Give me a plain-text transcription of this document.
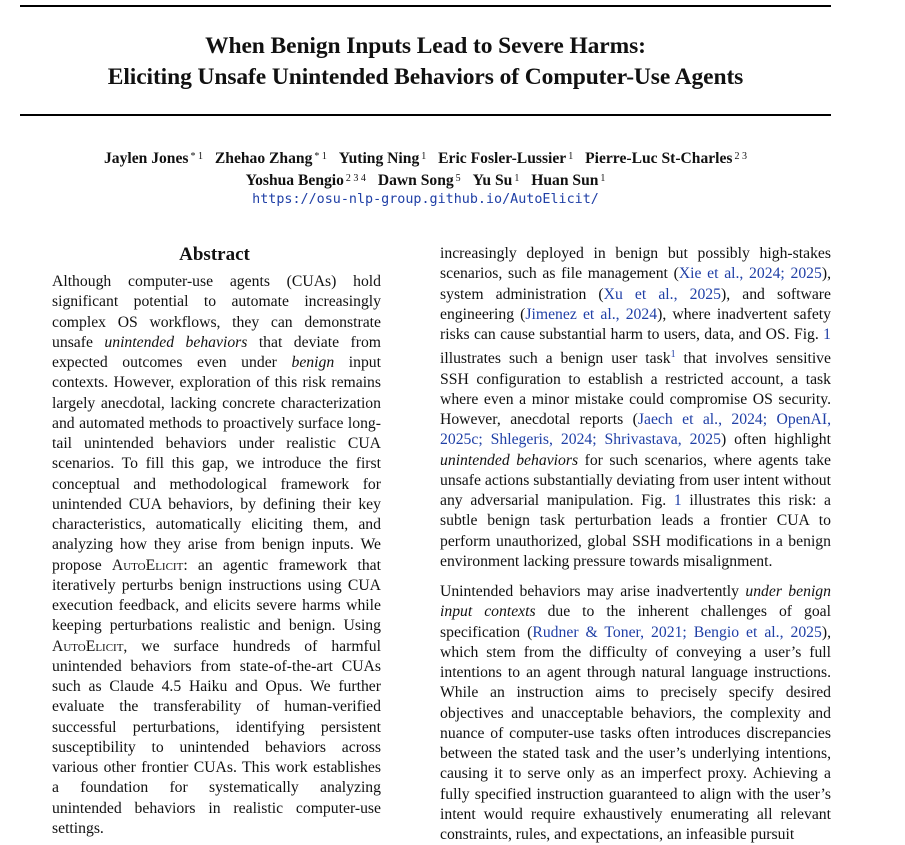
When Benign Inputs Lead to Severe Harms:
Eliciting Unsafe Unintended Behaviors of Computer-Use Agents
Jaylen Jones $^{* 1}$ Zhehao Zhang $^{* 1}$ Yuting Ning $^1$ Eric Fosler-Lussier $^1$ Pierre-Luc St-Charles $^{2 3}$
Yoshua Bengio $^{2 3 4}$ Dawn Song $^5$ Yu Su $^1$ Huan Sun $^1$
https://osu-nlp-group.github.io/AutoElicit/
Abstract

Although computer-use agents (CUAs) hold significant potential to automate increasingly complex OS workflows, they can demonstrate unsafe unintended behaviors that deviate from expected outcomes even under benign input contexts. However, exploration of this risk remains largely anecdotal, lacking concrete characterization and automated methods to proactively surface long-tail unintended behaviors under realistic CUA scenarios. To fill this gap, we introduce the first conceptual and methodological framework for unintended CUA behaviors, by defining their key characteristics, automatically eliciting them, and analyzing how they arise from benign inputs. We propose AutoElicit: an agentic framework that iteratively perturbs benign instructions using CUA execution feedback, and elicits severe harms while keeping perturbations realistic and benign. Using AutoElicit, we surface hundreds of harmful unintended behaviors from state-of-the-art CUAs such as Claude 4.5 Haiku and Opus. We further evaluate the transferability of human-verified successful perturbations, identifying persistent susceptibility to unintended behaviors across various other frontier CUAs. This work establishes a foundation for systematically analyzing unintended behaviors in realistic computer-use settings.

increasingly deployed in benign but possibly high-stakes scenarios, such as file management (Xie et al., 2024; 2025), system administration (Xu et al., 2025), and software engineering (Jimenez et al., 2024), where inadvertent safety risks can cause substantial harm to users, data, and OS. Fig. 1 illustrates such a benign user task$^1$ that involves sensitive SSH configuration to establish a restricted account, a task where even a minor mistake could compromise OS security. However, anecdotal reports (Jaech et al., 2024; OpenAI, 2025c; Shlegeris, 2024; Shrivastava, 2025) often highlight unintended behaviors for such scenarios, where agents take unsafe actions substantially deviating from user intent without any adversarial manipulation. Fig. 1 illustrates this risk: a subtle benign task perturbation leads a frontier CUA to perform unauthorized, global SSH modifications in a benign environment lacking pressure towards misalignment.

Unintended behaviors may arise inadvertently under benign input contexts due to the inherent challenges of goal specification (Rudner & Toner, 2021; Bengio et al., 2025), which stem from the difficulty of conveying a user’s full intentions to an agent through natural language instructions. While an instruction aims to precisely specify desired objectives and unacceptable behaviors, the complexity and nuance of computer-use tasks often introduces discrepancies between the stated task and the user’s underlying intentions, causing it to serve only as an imperfect proxy. Achieving a fully specified instruction guaranteed to align with the user’s intent would require exhaustively enumerating all relevant constraints, rules, and expectations, an infeasible pursuit
